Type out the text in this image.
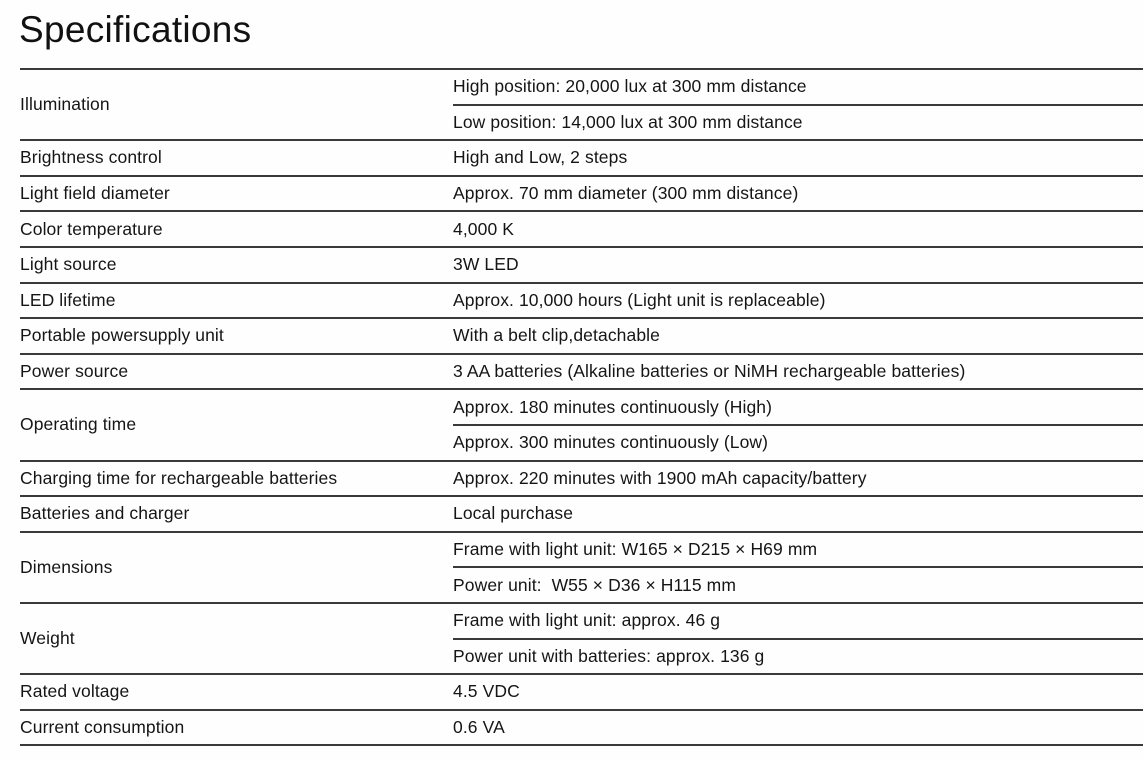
Specifications
Illumination	High position: 20,000 lux at 300 mm distance
	Low position: 14,000 lux at 300 mm distance
Brightness control	High and Low, 2 steps
Light field diameter	Approx. 70 mm diameter (300 mm distance)
Color temperature	4,000 K
Light source	3W LED
LED lifetime	Approx. 10,000 hours (Light unit is replaceable)
Portable powersupply unit	With a belt clip,detachable
Power source	3 AA batteries (Alkaline batteries or NiMH rechargeable batteries)
Operating time	Approx. 180 minutes continuously (High)
	Approx. 300 minutes continuously (Low)
Charging time for rechargeable batteries	Approx. 220 minutes with 1900 mAh capacity/battery
Batteries and charger	Local purchase
Dimensions	Frame with light unit: W165 × D215 × H69 mm
	Power unit:  W55 × D36 × H115 mm
Weight	Frame with light unit: approx. 46 g
	Power unit with batteries: approx. 136 g
Rated voltage	4.5 VDC
Current consumption	0.6 VA
